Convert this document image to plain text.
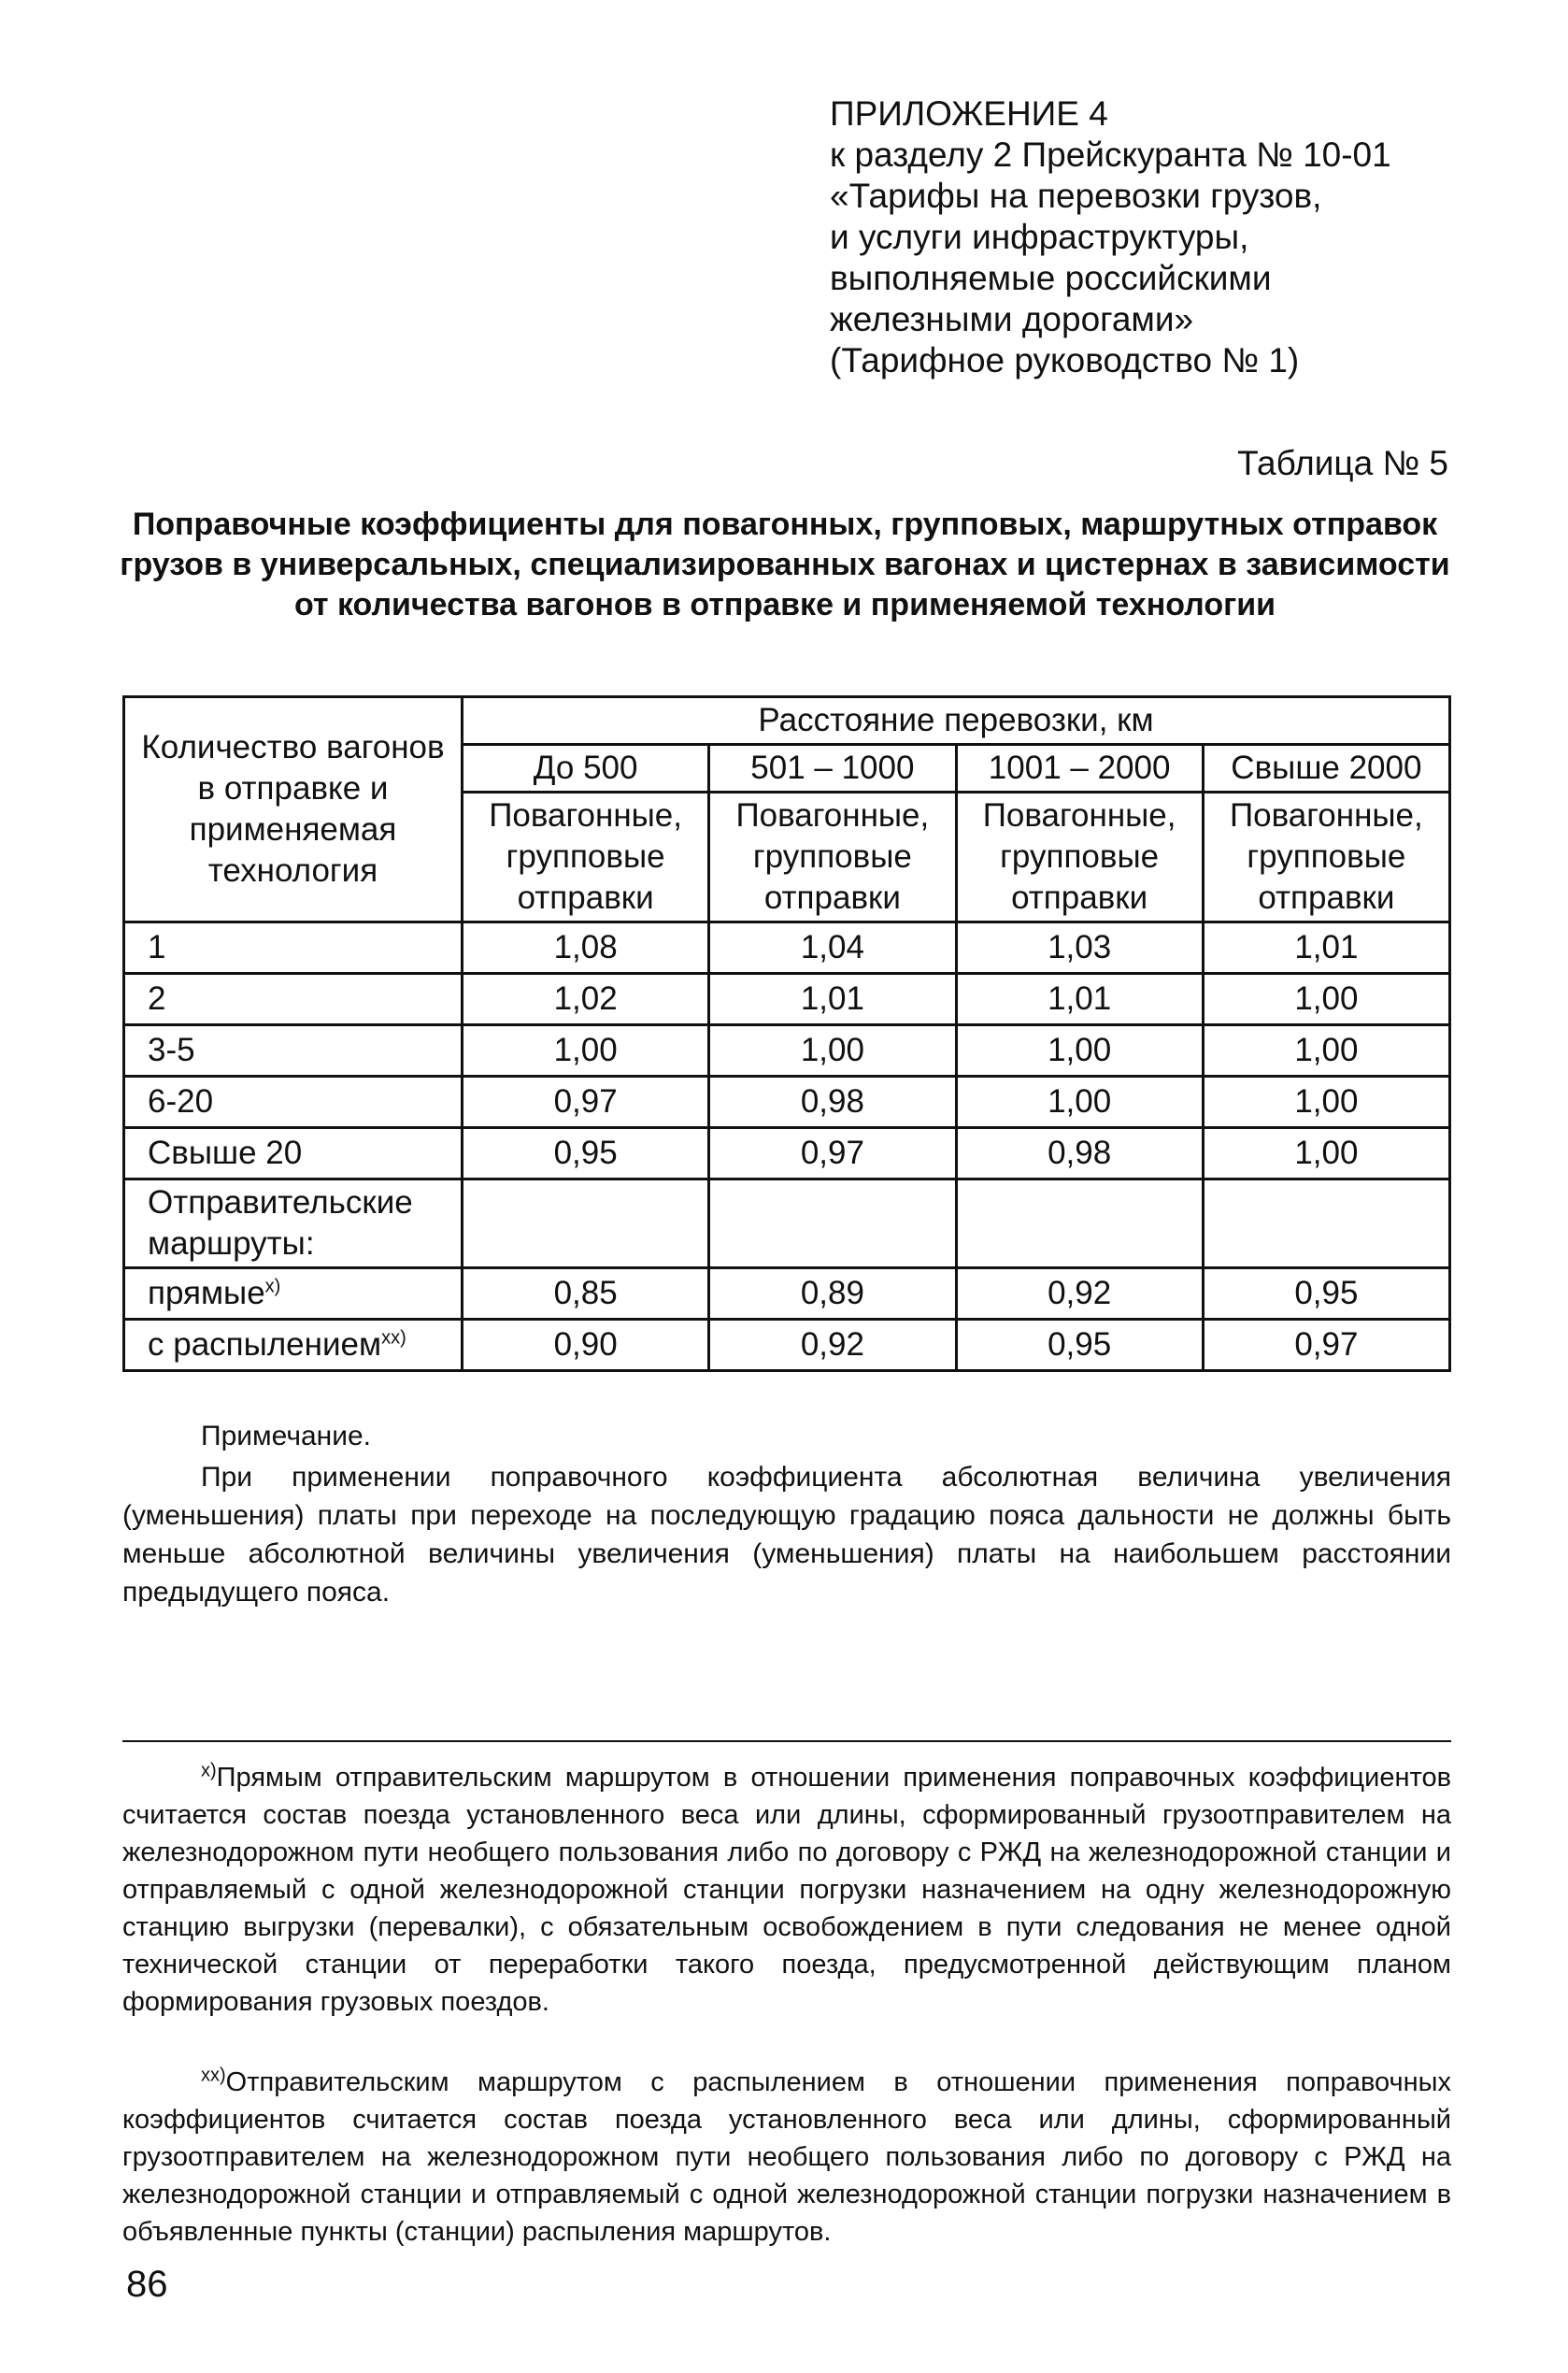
ПРИЛОЖЕНИЕ 4
к разделу 2 Прейскуранта № 10-01
«Тарифы на перевозки грузов,
и услуги инфраструктуры,
выполняемые российскими
железными дорогами»
(Тарифное руководство № 1)
Таблица № 5
Поправочные коэффициенты для повагонных, групповых, маршрутных отправок грузов в универсальных, специализированных вагонах и цистернах в зависимости от количества вагонов в отправке и применяемой технологии
Количество вагонов в отправке и применяемая технология	Расстояние перевозки, км			
	До 500	501 – 1000	1001 – 2000	Свыше 2000
	Повагонные, групповые отправки	Повагонные, групповые отправки	Повагонные, групповые отправки	Повагонные, групповые отправки
1	1,08	1,04	1,03	1,01
2	1,02	1,01	1,01	1,00
3-5	1,00	1,00	1,00	1,00
6-20	0,97	0,98	1,00	1,00
Свыше 20	0,95	0,97	0,98	1,00
Отправительские маршруты:				
прямые$^{x)}$	0,85	0,89	0,92	0,95
с распылением$^{xx)}$	0,90	0,92	0,95	0,97
Примечание.
При применении поправочного коэффициента абсолютная величина увеличения (уменьшения) платы при переходе на последующую градацию пояса дальности не должны быть меньше абсолютной величины увеличения (уменьшения) платы на наибольшем расстоянии предыдущего пояса.
$^{x)}$Прямым отправительским маршрутом в отношении применения поправочных коэффициентов считается состав поезда установленного веса или длины, сформированный грузоотправителем на железнодорожном пути необщего пользования либо по договору с РЖД на железнодорожной станции и отправляемый с одной железнодорожной станции погрузки назначением на одну железнодорожную станцию выгрузки (перевалки), с обязательным освобождением в пути следования не менее одной технической станции от переработки такого поезда, предусмотренной действующим планом формирования грузовых поездов.
$^{xx)}$Отправительским маршрутом с распылением в отношении применения поправочных коэффициентов считается состав поезда установленного веса или длины, сформированный грузоотправителем на железнодорожном пути необщего пользования либо по договору с РЖД на железнодорожной станции и отправляемый с одной железнодорожной станции погрузки назначением в объявленные пункты (станции) распыления маршрутов.
86
